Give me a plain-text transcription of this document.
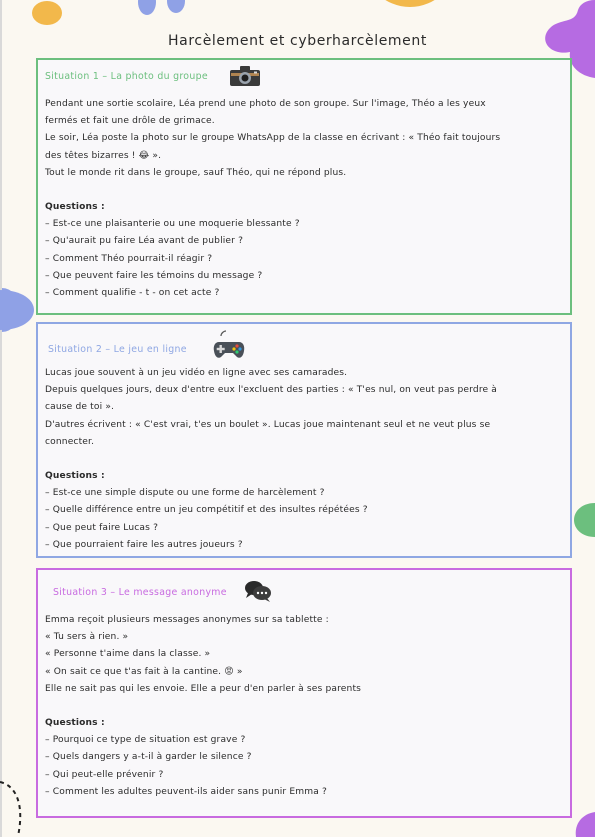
Harcèlement et cyberharcèlement
Situation 1 – La photo du groupe
Pendant une sortie scolaire, Léa prend une photo de son groupe. Sur l'image, Théo a les yeux
fermés et fait une drôle de grimace.
Le soir, Léa poste la photo sur le groupe WhatsApp de la classe en écrivant : « Théo fait toujours
des têtes bizarres ! 😂 ».
Tout le monde rit dans le groupe, sauf Théo, qui ne répond plus.
Questions :
– Est-ce une plaisanterie ou une moquerie blessante ?
– Qu'aurait pu faire Léa avant de publier ?
– Comment Théo pourrait-il réagir ?
– Que peuvent faire les témoins du message ?
– Comment qualifie - t - on cet acte ?
Situation 2 – Le jeu en ligne
Lucas joue souvent à un jeu vidéo en ligne avec ses camarades.
Depuis quelques jours, deux d'entre eux l'excluent des parties : « T'es nul, on veut pas perdre à
cause de toi ».
D'autres écrivent : « C'est vrai, t'es un boulet ». Lucas joue maintenant seul et ne veut plus se
connecter.
Questions :
– Est-ce une simple dispute ou une forme de harcèlement ?
– Quelle différence entre un jeu compétitif et des insultes répétées ?
– Que peut faire Lucas ?
– Que pourraient faire les autres joueurs ?
Situation 3 – Le message anonyme
Emma reçoit plusieurs messages anonymes sur sa tablette :
« Tu sers à rien. »
« Personne t'aime dans la classe. »
« On sait ce que t'as fait à la cantine. 😡 »
Elle ne sait pas qui les envoie. Elle a peur d'en parler à ses parents
Questions :
– Pourquoi ce type de situation est grave ?
– Quels dangers y a-t-il à garder le silence ?
– Qui peut-elle prévenir ?
– Comment les adultes peuvent-ils aider sans punir Emma ?
